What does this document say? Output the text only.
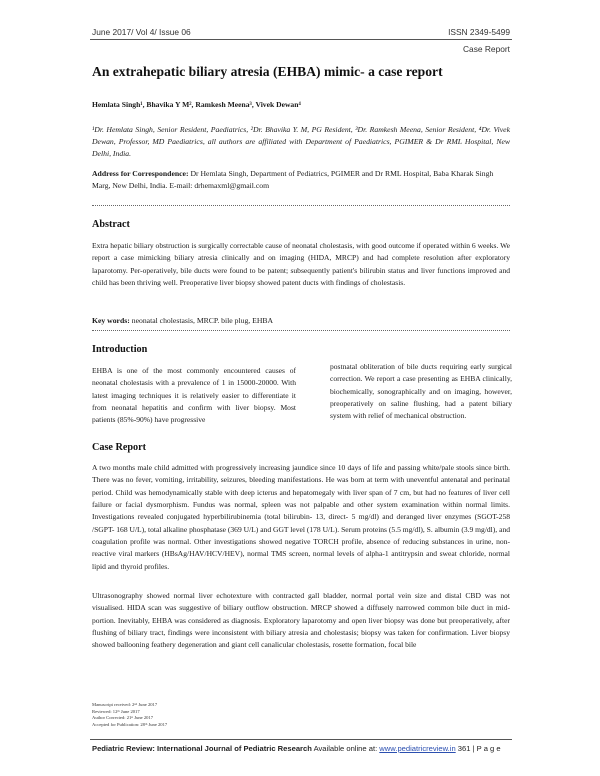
June 2017/ Vol 4/ Issue 06	ISSN 2349-5499
Case Report
An extrahepatic biliary atresia (EHBA) mimic- a case report
Hemlata Singh¹, Bhavika Y M², Ramkesh Meena³, Vivek Dewan⁴
¹Dr. Hemlata Singh, Senior Resident, Paediatrics, ²Dr. Bhavika Y. M, PG Resident, ³Dr. Ramkesh Meena, Senior Resident, ⁴Dr. Vivek Dewan, Professor, MD Paediatrics, all authors are affiliated with Department of Paediatrics, PGIMER & Dr RML Hospital, New Delhi, India.
Address for Correspondence: Dr Hemlata Singh, Department of Pediatrics, PGIMER and Dr RML Hospital, Baba Kharak Singh Marg, New Delhi, India. E-mail: drhemaxml@gmail.com
Abstract
Extra hepatic biliary obstruction is surgically correctable cause of neonatal cholestasis, with good outcome if operated within 6 weeks. We report a case mimicking biliary atresia clinically and on imaging (HIDA, MRCP) and had complete resolution after exploratory laparotomy. Per-operatively, bile ducts were found to be patent; subsequently patient's bilirubin status and liver functions improved and child has been thriving well. Preoperative liver biopsy showed patent ducts with findings of cholestasis.
Key words: neonatal cholestasis, MRCP. bile plug, EHBA
Introduction
EHBA is one of the most commonly encountered causes of neonatal cholestasis with a prevalence of 1 in 15000-20000. With latest imaging techniques it is relatively easier to differentiate it from neonatal hepatitis and confirm with liver biopsy. Most patients (85%-90%) have progressive
postnatal obliteration of bile ducts requiring early surgical correction. We report a case presenting as EHBA clinically, biochemically, sonographically and on imaging, however, preoperatively on saline flushing, had a patent biliary system with relief of mechanical obstruction.
Case Report
A two months male child admitted with progressively increasing jaundice since 10 days of life and passing white/pale stools since birth. There was no fever, vomiting, irritability, seizures, bleeding manifestations. He was born at term with uneventful antenatal and perinatal period. Child was hemodynamically stable with deep icterus and hepatomegaly with liver span of 7 cm, but had no features of liver cell failure or facial dysmorphism. Fundus was normal, spleen was not palpable and other system examination within normal limits. Investigations revealed conjugated hyperbilirubinemia (total bilirubin- 13, direct- 5 mg/dl) and deranged liver enzymes (SGOT-258 /SGPT- 168 U/L), total alkaline phosphatase (369 U/L) and GGT level (178 U/L). Serum proteins (5.5 mg/dl), S. albumin (3.9 mg/dl), and coagulation profile was normal. Other investigations showed negative TORCH profile, absence of reducing substances in urine, non-reactive viral markers (HBsAg/HAV/HCV/HEV), normal TMS screen, normal levels of alpha-1 antitrypsin and sweat chloride, normal lipid and thyroid profiles.
Ultrasonography showed normal liver echotexture with contracted gall bladder, normal portal vein size and distal CBD was not visualised. HIDA scan was suggestive of biliary outflow obstruction. MRCP showed a diffusely narrowed common bile duct in mid-portion. Inevitably, EHBA was considered as diagnosis. Exploratory laparotomy and open liver biopsy was done but preoperatively, after flushing of biliary tract, findings were inconsistent with biliary atresia and cholestasis; biopsy was taken for confirmation. Liver biopsy showed ballooning feathery degeneration and giant cell canalicular cholestasis, rosette formation, focal bile
Manuscript received: 2ⁿᵈ June 2017
Reviewed: 12ᵗʰ June 2017
Author Corrected: 21ˢᵗ June 2017
Accepted for Publication: 28ᵗʰ June 2017
Pediatric Review: International Journal of Pediatric Research Available online at: www.pediatricreview.in 361 | P a g e
